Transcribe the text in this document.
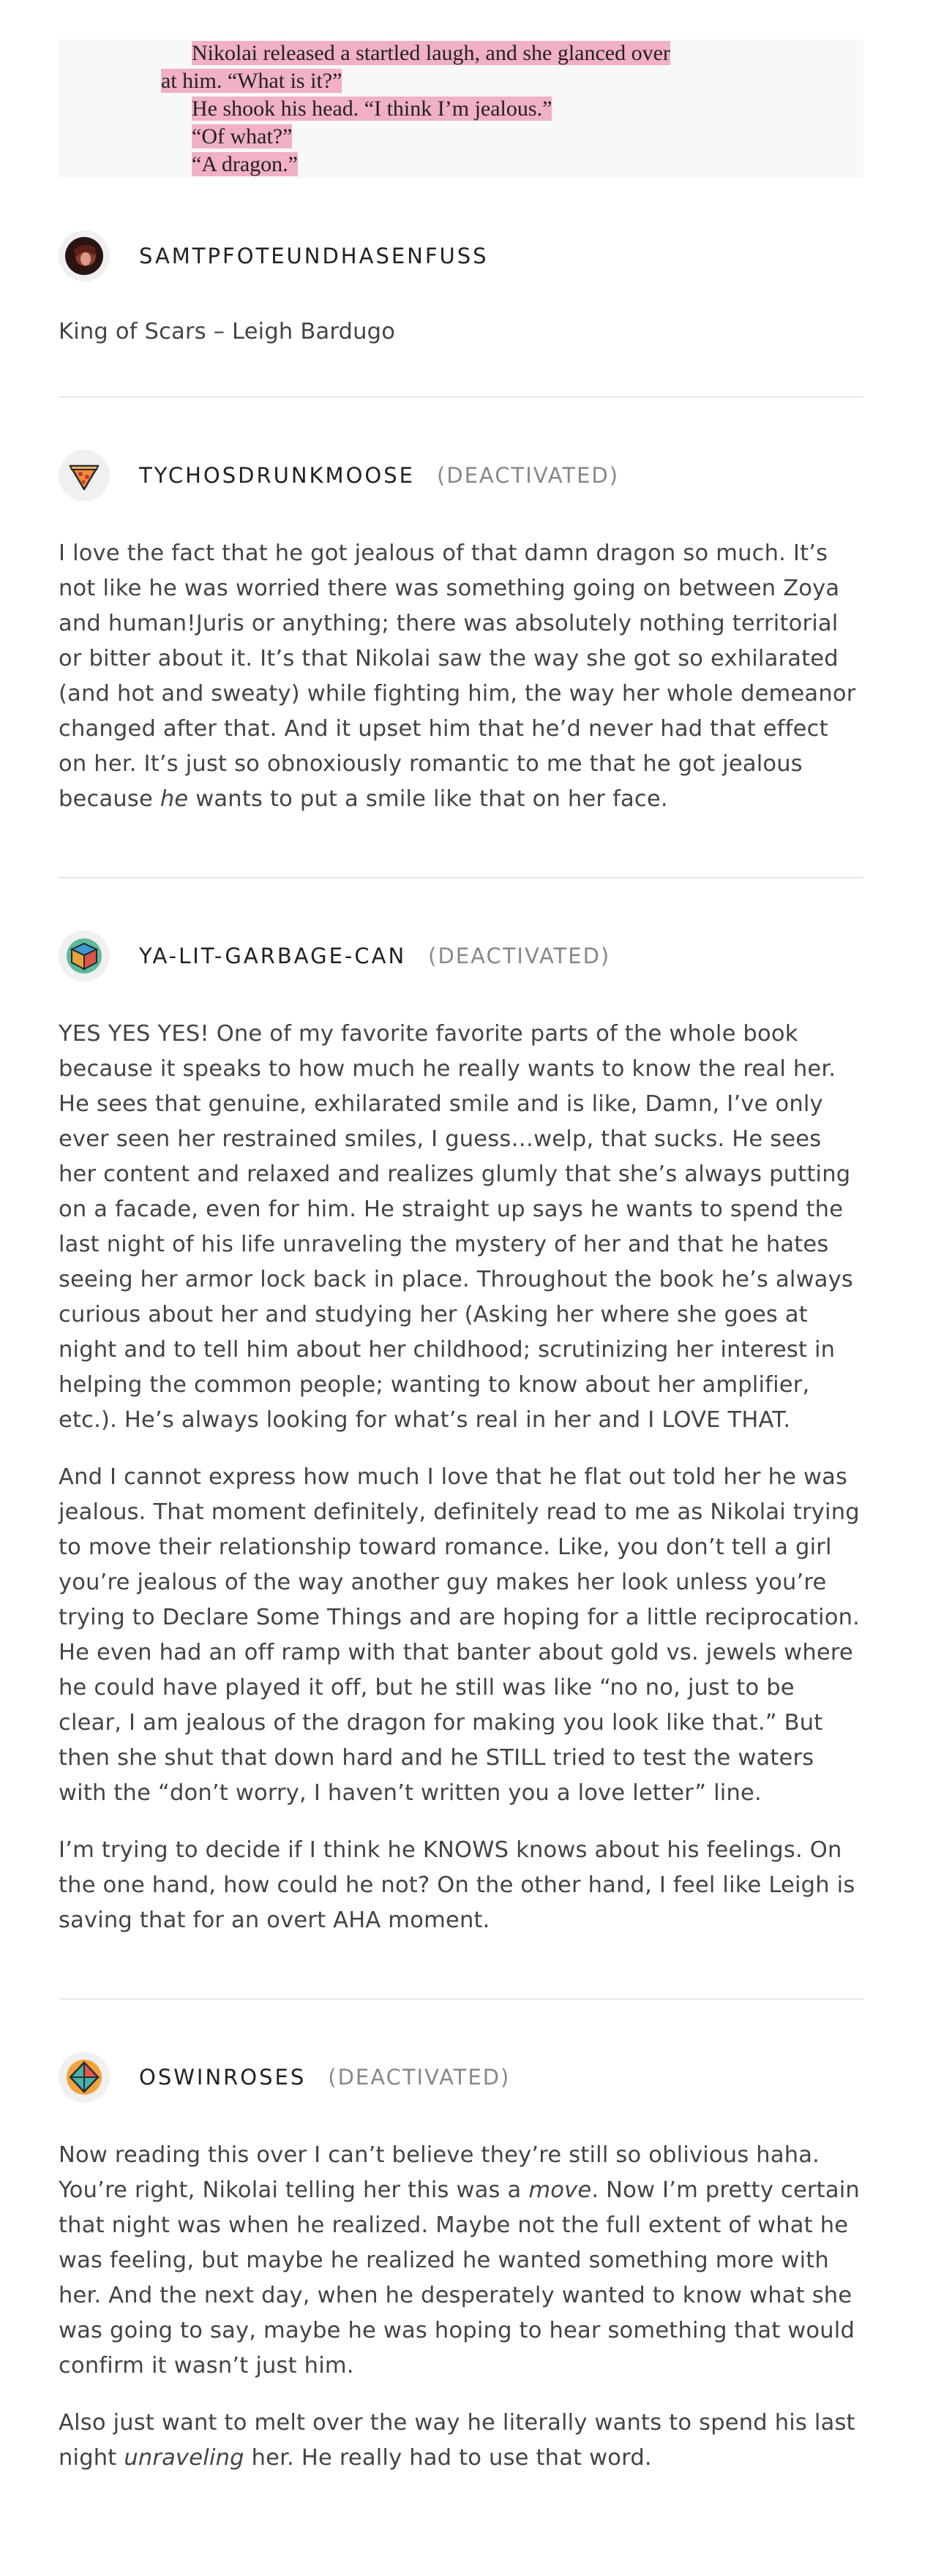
Nikolai released a startled laugh, and she glanced over
at him. “What is it?”
He shook his head. “I think I’m jealous.”
“Of what?”
“A dragon.”
SAMTPFOTEUNDHASENFUSS

King of Scars – Leigh Bardugo

TYCHOSDRUNKMOOSE (DEACTIVATED)

I love the fact that he got jealous of that damn dragon so much. It’s not like he was worried there was something going on between Zoya and human!Juris or anything; there was absolutely nothing territorial or bitter about it. It’s that Nikolai saw the way she got so exhilarated (and hot and sweaty) while fighting him, the way her whole demeanor changed after that. And it upset him that he’d never had that effect on her. It’s just so obnoxiously romantic to me that he got jealous because he wants to put a smile like that on her face.

YA-LIT-GARBAGE-CAN (DEACTIVATED)

YES YES YES! One of my favorite favorite parts of the whole book because it speaks to how much he really wants to know the real her. He sees that genuine, exhilarated smile and is like, Damn, I’ve only ever seen her restrained smiles, I guess…welp, that sucks. He sees her content and relaxed and realizes glumly that she’s always putting on a facade, even for him. He straight up says he wants to spend the last night of his life unraveling the mystery of her and that he hates seeing her armor lock back in place. Throughout the book he’s always curious about her and studying her (Asking her where she goes at night and to tell him about her childhood; scrutinizing her interest in helping the common people; wanting to know about her amplifier, etc.). He’s always looking for what’s real in her and I LOVE THAT.

And I cannot express how much I love that he flat out told her he was jealous. That moment definitely, definitely read to me as Nikolai trying to move their relationship toward romance. Like, you don’t tell a girl you’re jealous of the way another guy makes her look unless you’re trying to Declare Some Things and are hoping for a little reciprocation. He even had an off ramp with that banter about gold vs. jewels where he could have played it off, but he still was like “no no, just to be clear, I am jealous of the dragon for making you look like that.” But then she shut that down hard and he STILL tried to test the waters with the “don’t worry, I haven’t written you a love letter” line.

I’m trying to decide if I think he KNOWS knows about his feelings. On the one hand, how could he not? On the other hand, I feel like Leigh is saving that for an overt AHA moment.

OSWINROSES (DEACTIVATED)

Now reading this over I can’t believe they’re still so oblivious haha. You’re right, Nikolai telling her this was a move. Now I’m pretty certain that night was when he realized. Maybe not the full extent of what he was feeling, but maybe he realized he wanted something more with her. And the next day, when he desperately wanted to know what she was going to say, maybe he was hoping to hear something that would confirm it wasn’t just him.

Also just want to melt over the way he literally wants to spend his last night unraveling her. He really had to use that word.
